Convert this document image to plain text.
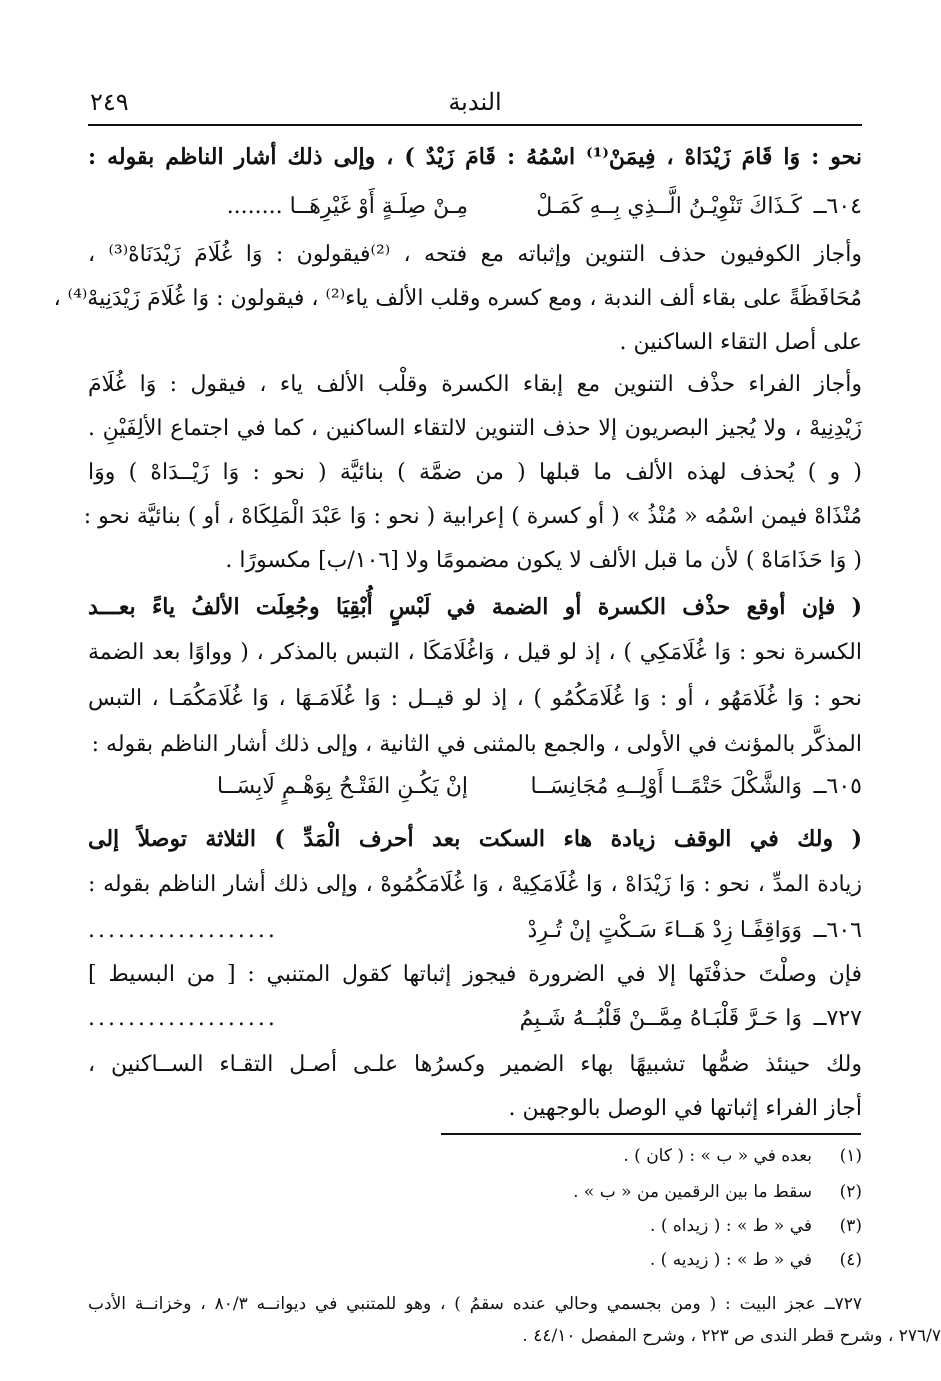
الندبة
٢٤٩
نحو : وَا قَامَ زَيْدَاهْ ، فِيمَنْ⁽¹⁾ اسْمُهُ : قَامَ زَيْدٌ ) ، وإلى ذلك أشار الناظم بقوله :
٦٠٤ــ
كَـذَاكَ تَنْوِيْـنُ الَّــذِي بِــهِ كَمَـلْ
مِـنْ صِلَـةٍ أَوْ غَيْرِهَــا ........
وأجاز الكوفيون حذف التنوين وإثباته مع فتحه ، ⁽²⁾فيقولون : وَا غُلَامَ زَيْدَنَاهْ⁽³⁾ ،
مُحَافَظَةً على بقاء ألف الندبة ، ومع كسره وقلب الألف ياء⁽²⁾ ، فيقولون : وَا غُلَامَ زَيْدَنِيهْ⁽⁴⁾ ،
على أصل التقاء الساكنين .
وأجاز الفراء حذْف التنوين مع إبقاء الكسرة وقلْب الألف ياء ، فيقول : وَا غُلَامَ
زَيْدِنِيهْ ، ولا يُجيز البصريون إلا حذف التنوين لالتقاء الساكنين ، كما في اجتماع الألِفَيْنِ .
( و ) يُحذف لهذه الألف ما قبلها ( من ضمَّة ) بنائيَّة ( نحو : وَا زَيْــدَاهْ ) ووَا
مُنْذَاهْ فيمن اسْمُه « مُنْذُ » ( أو كسرة ) إعرابية ( نحو : وَا عَبْدَ الْمَلِكَاهْ ، أو ) بنائيَّة نحو :
( وَا حَذَامَاهْ ) لأن ما قبل الألف لا يكون مضمومًا ولا [١٠٦/ب] مكسورًا .
( فإن أوقع حذْف الكسرة أو الضمة في لَبْسٍ أُبْقِيَا وجُعِلَت الألفُ ياءً بعـــد
الكسرة نحو : وَا غُلَامَكِي ) ، إذ لو قيل ، وَاغُلَامَكَا ، التبس بالمذكر ، ( وواوًا بعد الضمة
نحو : وَا غُلَامَهُو ، أو : وَا غُلَامَكُمُو ) ، إذ لو قيــل : وَا غُلَامَـهَا ، وَا غُلَامَكُمَـا ، التبس
المذكَّر بالمؤنث في الأولى ، والجمع بالمثنى في الثانية ، وإلى ذلك أشار الناظم بقوله :
٦٠٥ــ
وَالشَّكْلَ حَتْمًــا أَوْلِــهِ مُجَانِسَــا
إنْ يَكُـنِ الفَتْـحُ بِوَهْـمٍ لَابِسَــا
( ولك في الوقف زيادة هاء السكت بعد أحرف الْمَدِّ ) الثلاثة توصلاً إلى
زيادة المدِّ ، نحو : وَا زَيْدَاهْ ، وَا غُلَامَكِيهْ ، وَا غُلَامَكُمُوهْ ، وإلى ذلك أشار الناظم بقوله :
٦٠٦ــ
وَوَاقِفًـا زِدْ هَــاءَ سَـكْتٍ إنْ تُـرِدْ
...................
فإن وصلْتَ حذفْتَها إلا في الضرورة فيجوز إثباتها كقول المتنبي : [ من البسيط ]
٧٢٧ــ
وَا حَـرَّ قَلْبَـاهُ مِمَّــنْ قَلْبُــهُ شَـبِمُ
...................
ولك حينئذ ضمُّها تشبيهًا بهاء الضمير وكسرُها علـى أصـل التقـاء الســاكنين ،
أجاز الفراء إثباتها في الوصل بالوجهين .
(١)بعده في « ب » : ( كان ) .
(٢)سقط ما بين الرقمين من « ب » .
(٣)في « ط » : ( زيداه ) .
(٤)في « ط » : ( زيديه ) .
٧٢٧ــ عجز البيت : ( ومن بجسمي وحالي عنده سقمُ ) ، وهو للمتنبي في ديوانــه ٨٠/٣ ، وخزانــة الأدب
٢٧٦/٧ ، وشرح قطر الندى ص ٢٢٣ ، وشرح المفصل ٤٤/١٠ .
